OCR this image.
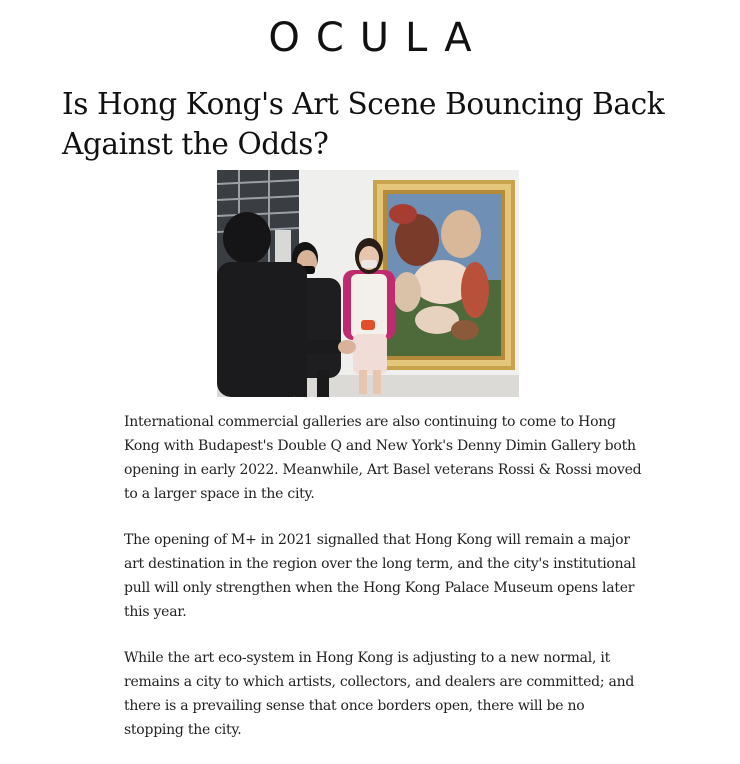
OCULA
Is Hong Kong's Art Scene Bouncing Back Against the Odds?

International commercial galleries are also continuing to come to Hong Kong with Budapest's Double Q and New York's Denny Dimin Gallery both opening in early 2022. Meanwhile, Art Basel veterans Rossi & Rossi moved to a larger space in the city.

The opening of M+ in 2021 signalled that Hong Kong will remain a major art destination in the region over the long term, and the city's institutional pull will only strengthen when the Hong Kong Palace Museum opens later this year.

While the art eco-system in Hong Kong is adjusting to a new normal, it remains a city to which artists, collectors, and dealers are committed; and there is a prevailing sense that once borders open, there will be no stopping the city.
